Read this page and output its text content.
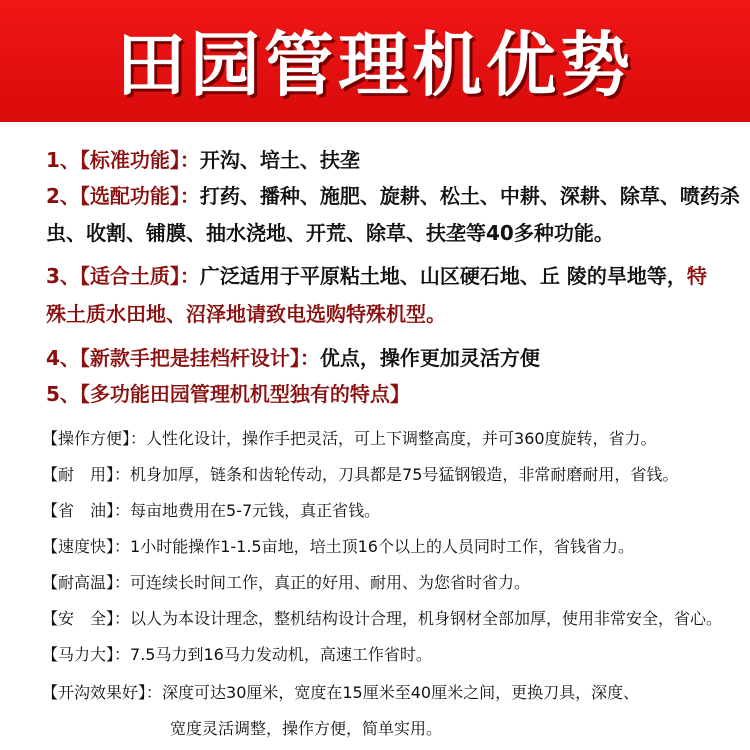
田园管理机优势
1、【标准功能】：开沟、培土、扶垄
2、【选配功能】：打药、播种、施肥、旋耕、松土、中耕、深耕、除草、喷药杀
虫、收割、铺膜、抽水浇地、开荒、除草、扶垄等40多种功能。
3、【适合土质】：广泛适用于平原粘土地、山区硬石地、丘 陵的旱地等，特
殊土质水田地、沼泽地请致电选购特殊机型。
4、【新款手把是挂档杆设计】：优点，操作更加灵活方便
5、【多功能田园管理机机型独有的特点】
【操作方便】：人性化设计，操作手把灵活，可上下调整高度，并可360度旋转，省力。
【耐　用】：机身加厚，链条和齿轮传动，刀具都是75号猛钢锻造，非常耐磨耐用，省钱。
【省　油】：每亩地费用在5-7元钱，真正省钱。
【速度快】：1小时能操作1-1.5亩地，培土顶16个以上的人员同时工作，省钱省力。
【耐高温】：可连续长时间工作，真正的好用、耐用、为您省时省力。
【安　全】：以人为本设计理念，整机结构设计合理，机身钢材全部加厚，使用非常安全，省心。
【马力大】：7.5马力到16马力发动机，高速工作省时。
【开沟效果好】：深度可达30厘米，宽度在15厘米至40厘米之间，更换刀具，深度、
宽度灵活调整，操作方便，简单实用。
